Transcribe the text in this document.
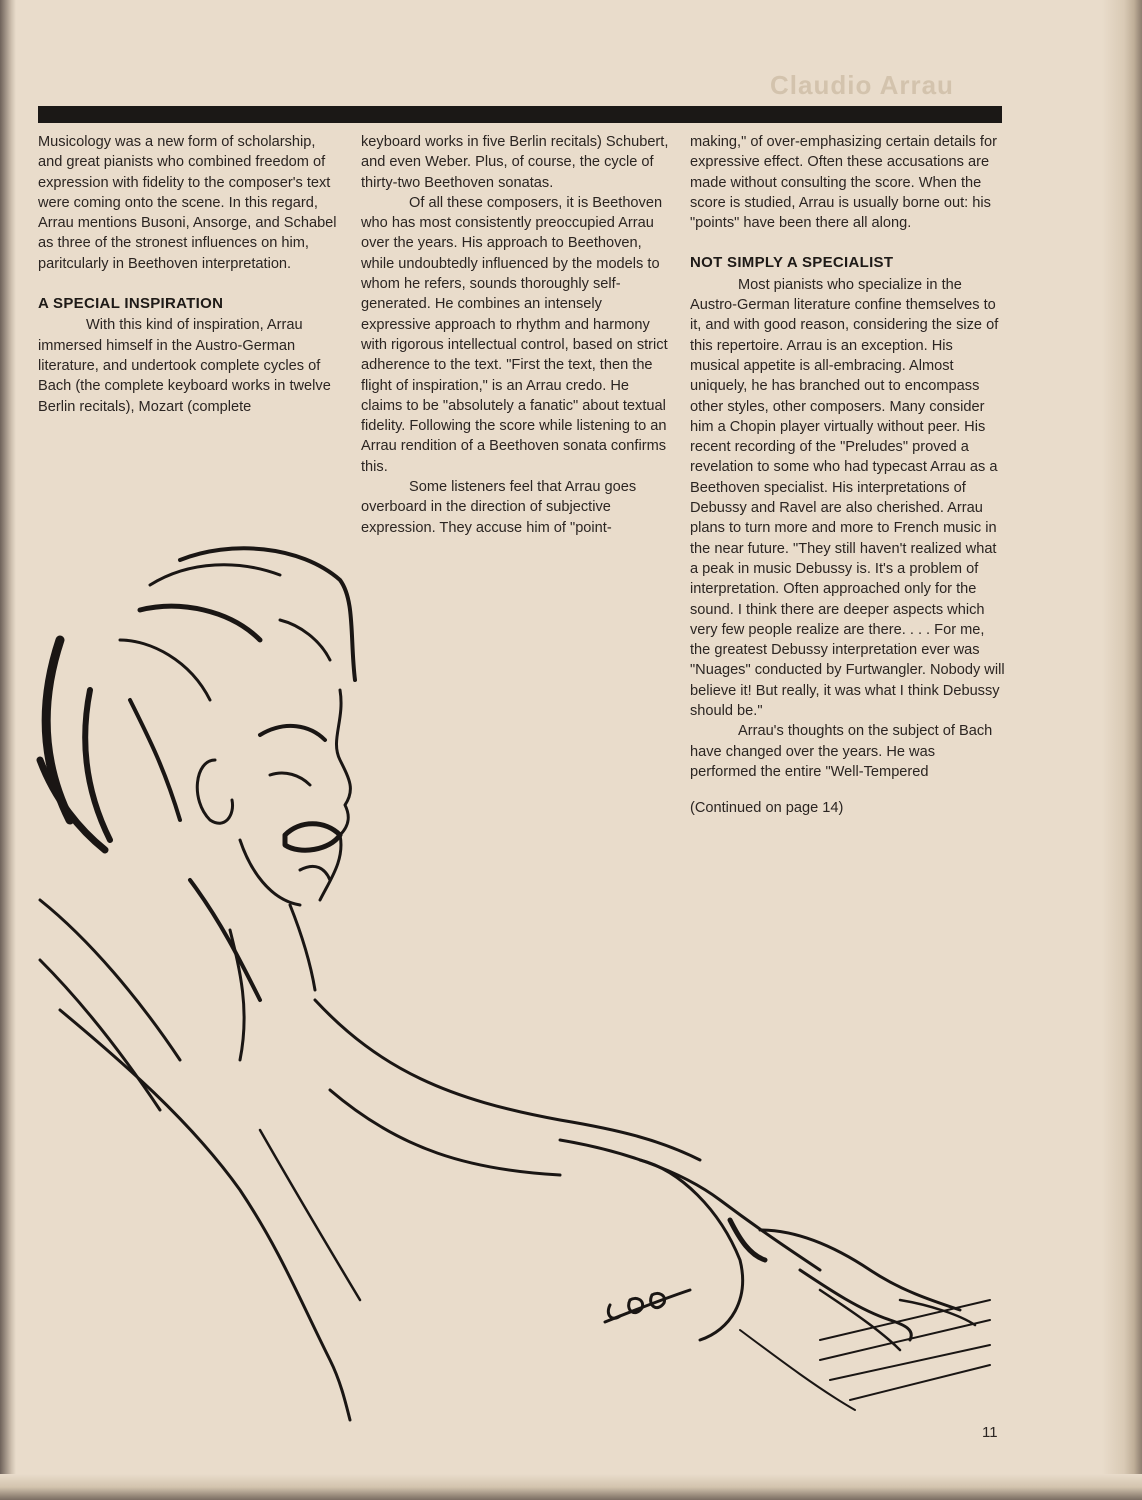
Claudio Arrau

Musicology was a new form of scholarship, and great pianists who combined freedom of expression with fidelity to the composer's text were coming onto the scene. In this regard, Arrau mentions Busoni, Ansorge, and Schabel as three of the stronest influences on him, paritcularly in Beethoven interpretation.

A SPECIAL INSPIRATION

With this kind of inspiration, Arrau immersed himself in the Austro-German literature, and undertook complete cycles of Bach (the complete keyboard works in twelve Berlin recitals), Mozart (complete

keyboard works in five Berlin recitals) Schubert, and even Weber. Plus, of course, the cycle of thirty-two Beethoven sonatas.

Of all these composers, it is Beethoven who has most consistently preoccupied Arrau over the years. His approach to Beethoven, while undoubtedly influenced by the models to whom he refers, sounds thoroughly self-generated. He combines an intensely expressive approach to rhythm and harmony with rigorous intellectual control, based on strict adherence to the text. "First the text, then the flight of inspiration," is an Arrau credo. He claims to be "absolutely a fanatic" about textual fidelity. Following the score while listening to an Arrau rendition of a Beethoven sonata confirms this.

Some listeners feel that Arrau goes overboard in the direction of subjective expression. They accuse him of "point-

making," of over-emphasizing certain details for expressive effect. Often these accusations are made without consulting the score. When the score is studied, Arrau is usually borne out: his "points" have been there all along.

NOT SIMPLY A SPECIALIST

Most pianists who specialize in the Austro-German literature confine themselves to it, and with good reason, considering the size of this repertoire. Arrau is an exception. His musical appetite is all-embracing. Almost uniquely, he has branched out to encompass other styles, other composers. Many consider him a Chopin player virtually without peer. His recent recording of the "Preludes" proved a revelation to some who had typecast Arrau as a Beethoven specialist. His interpretations of Debussy and Ravel are also cherished. Arrau plans to turn more and more to French music in the near future. "They still haven't realized what a peak in music Debussy is. It's a problem of interpretation. Often approached only for the sound. I think there are deeper aspects which very few people realize are there. . . . For me, the greatest Debussy interpretation ever was "Nuages" conducted by Furtwangler. Nobody will believe it! But really, it was what I think Debussy should be."

Arrau's thoughts on the subject of Bach have changed over the years. He was performed the entire "Well-Tempered

(Continued on page 14)

11
